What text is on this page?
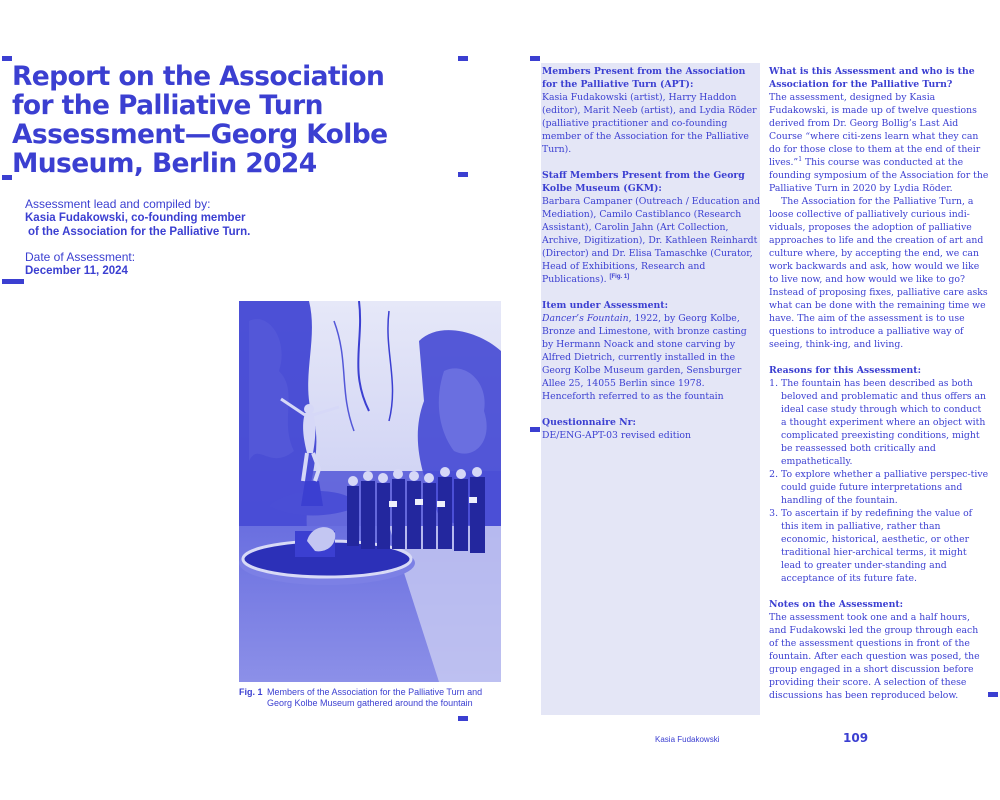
Report on the Association for the Palliative Turn Assessment—Georg Kolbe Museum, Berlin 2024
Assessment lead and compiled by:
Kasia Fudakowski, co-founding member
of the Association for the Palliative Turn.
Date of Assessment:
December 11, 2024
Fig. 1 Members of the Association for the Palliative Turn and Georg Kolbe Museum gathered around the fountain
Members Present from the Association for the Palliative Turn (APT):

Kasia Fudakowski (artist), Harry Haddon (editor), Marit Neeb (artist), and Lydia Röder (palliative practitioner and co-founding member of the Association for the Palliative Turn).

Staff Members Present from the Georg Kolbe Museum (GKM):

Barbara Campaner (Outreach / Education and Mediation), Camilo Castiblanco (Research Assistant), Carolin Jahn (Art Collection, Archive, Digitization), Dr. Kathleen Reinhardt (Director) and Dr. Elisa Tamaschke (Curator, Head of Exhibitions, Research and Publications). [Fig. 1]

Item under Assessment:

Dancer’s Fountain, 1922, by Georg Kolbe, Bronze and Limestone, with bronze casting by Hermann Noack and stone carving by Alfred Dietrich, currently installed in the Georg Kolbe Museum garden, Sensburger Allee 25, 14055 Berlin since 1978. Henceforth referred to as the fountain

Questionnaire Nr:

DE/ENG-APT-03 revised edition

What is this Assessment and who is the Association for the Palliative Turn?

The assessment, designed by Kasia Fudakowski, is made up of twelve questions derived from Dr. Georg Bollig’s Last Aid Course “where citi-zens learn what they can do for those close to them at the end of their lives.”$^1$ This course was conducted at the founding symposium of the Association for the Palliative Turn in 2020 by Lydia Röder.

The Association for the Palliative Turn, a loose collective of palliatively curious indi-viduals, proposes the adoption of palliative approaches to life and the creation of art and culture where, by accepting the end, we can work backwards and ask, how would we like to live now, and how would we like to go? Instead of proposing fixes, palliative care asks what can be done with the remaining time we have. The aim of the assessment is to use questions to introduce a palliative way of seeing, think-ing, and living.

Reasons for this Assessment:
1. The fountain has been described as both beloved and problematic and thus offers an ideal case study through which to conduct a thought experiment where an object with complicated preexisting conditions, might be reassessed both critically and empathetically.
2. To explore whether a palliative perspec-tive could guide future interpretations and handling of the fountain.
3. To ascertain if by redefining the value of this item in palliative, rather than economic, historical, aesthetic, or other traditional hier-archical terms, it might lead to greater under-standing and acceptance of its future fate.
Notes on the Assessment:

The assessment took one and a half hours, and Fudakowski led the group through each of the assessment questions in front of the fountain. After each question was posed, the group engaged in a short discussion before providing their score. A selection of these discussions has been reproduced below.

Kasia Fudakowski	109
